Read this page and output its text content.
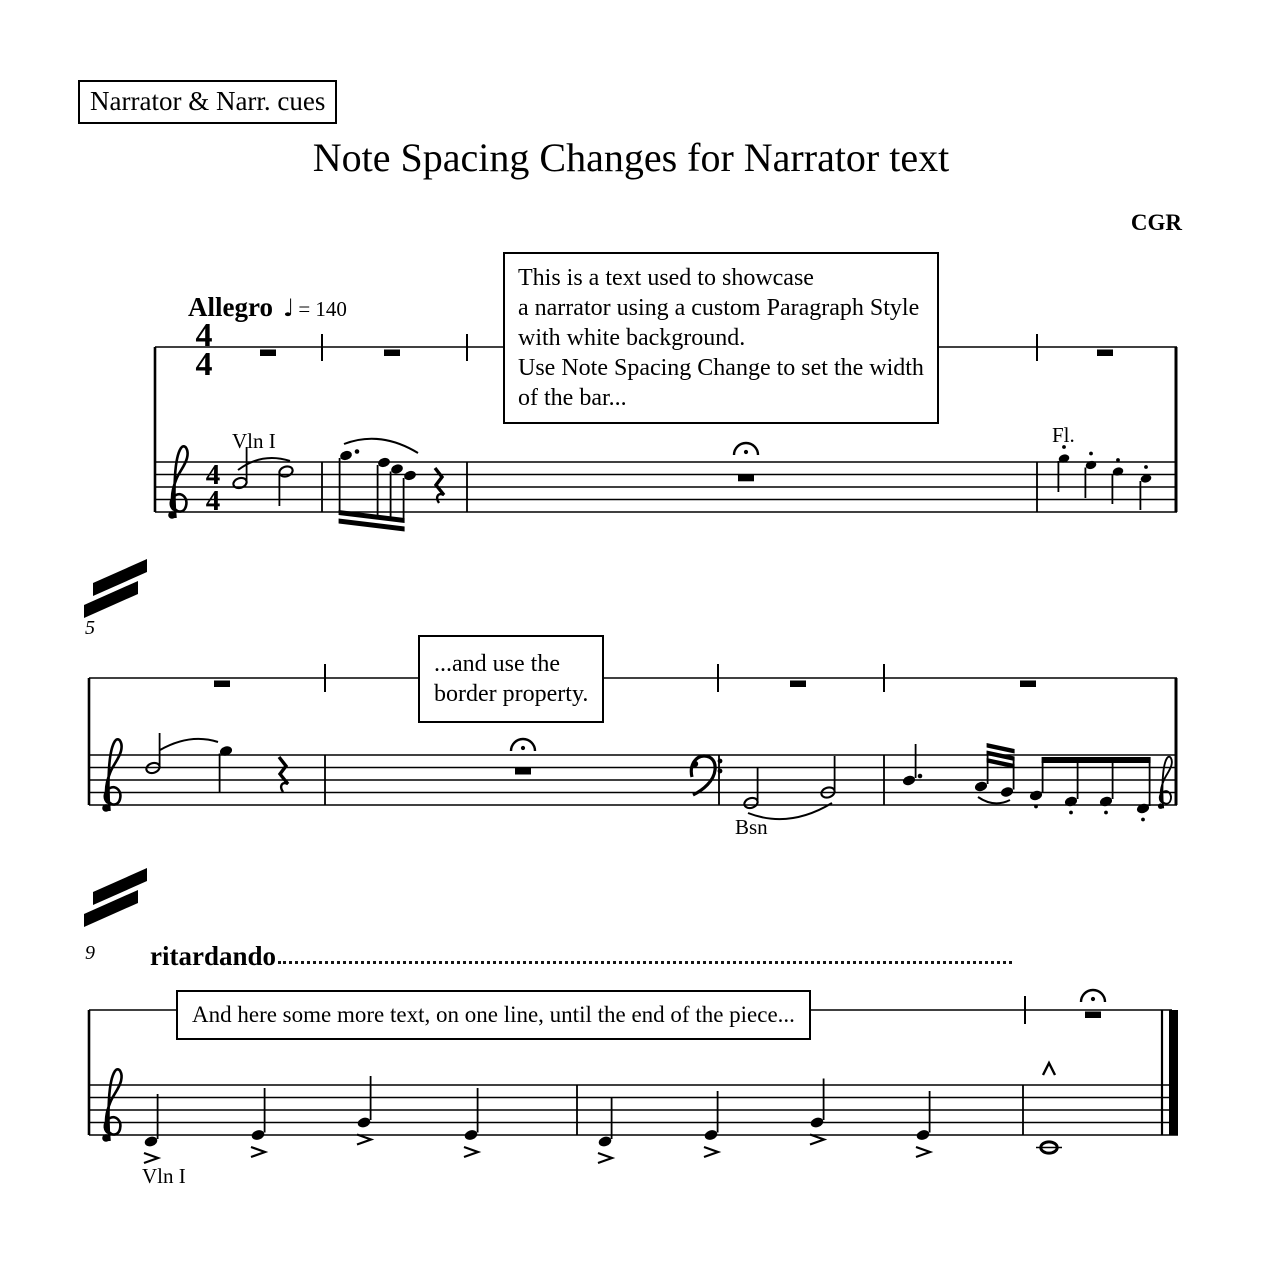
4
4
4
4
Narrator & Narr. cues
Note Spacing Changes for Narrator text
CGR
Allegro ♩ = 140
This is a text used to showcase
a narrator using a custom Paragraph Style
with white background.
Use Note Spacing Change to set the width
of the bar...
...and use the
border property.
And here some more text, on one line, until the end of the piece...
5
9 ritardando
Vln I	Fl.
Bsn
Vln I
